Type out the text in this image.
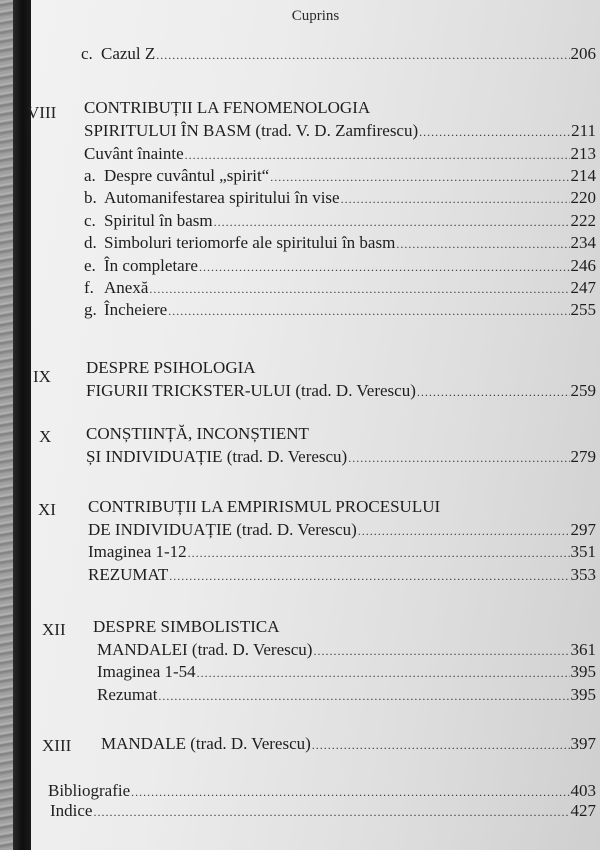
Cuprins
c. Cazul Z .....	206
VIII CONTRIBUȚII LA FENOMENOLOGIA
SPIRITULUI ÎN BASM (trad. V. D. Zamfirescu) .....	211
Cuvânt înainte .....	213
a. Despre cuvântul „spirit“ .....	214
b. Automanifestarea spiritului în vise .....	220
c. Spiritul în basm .....	222
d. Simboluri teriomorfe ale spiritului în basm .....	234
e. În completare .....	246
f. Anexă .....	247
g. Încheiere .....	255
IX DESPRE PSIHOLOGIA
FIGURII TRICKSTER-ULUI (trad. D. Verescu) .....	259
X CONȘTIINȚĂ, INCONȘTIENT
ȘI INDIVIDUAȚIE (trad. D. Verescu) .....	279
XI CONTRIBUȚII LA EMPIRISMUL PROCESULUI
DE INDIVIDUAȚIE (trad. D. Verescu) .....	297
Imaginea 1-12 .....	351
REZUMAT .....	353
XII DESPRE SIMBOLISTICA
MANDALEI (trad. D. Verescu) .....	361
Imaginea 1-54 .....	395
Rezumat .....	395
XIII MANDALE (trad. D. Verescu) .....	397
Bibliografie .....	403
Indice .....	427
